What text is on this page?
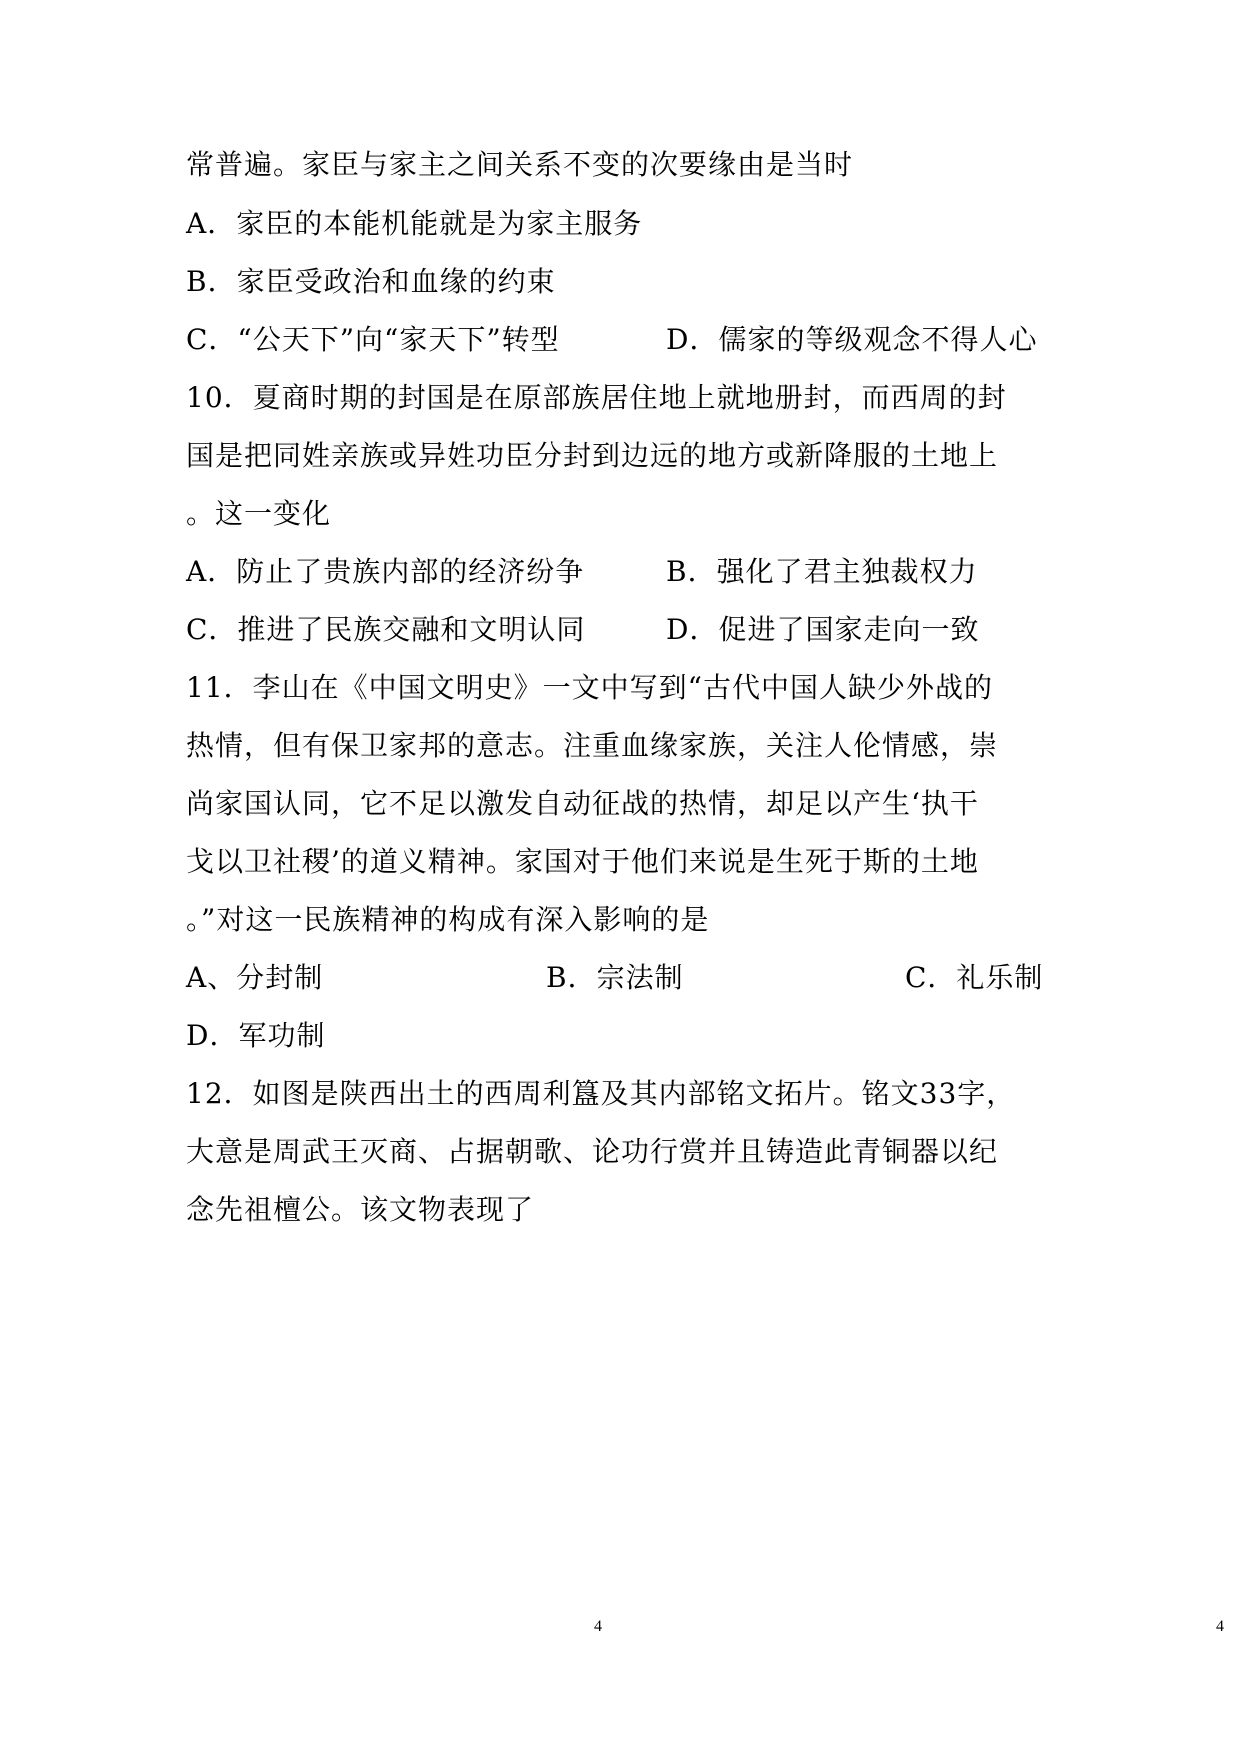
常普遍。家臣与家主之间关系不变的次要缘由是当时
A．家臣的本能机能就是为家主服务
B．家臣受政治和血缘的约束
C．“公天下”向“家天下”转型	D．儒家的等级观念不得人心
10．夏商时期的封国是在原部族居住地上就地册封，而西周的封
国是把同姓亲族或异姓功臣分封到边远的地方或新降服的土地上
。这一变化
A．防止了贵族内部的经济纷争	B．强化了君主独裁权力
C．推进了民族交融和文明认同	D．促进了国家走向一致
11．李山在《中国文明史》一文中写到“古代中国人缺少外战的
热情，但有保卫家邦的意志。注重血缘家族，关注人伦情感，崇
尚家国认同，它不足以激发自动征战的热情，却足以产生‘执干
戈以卫社稷’的道义精神。家国对于他们来说是生死于斯的土地
。”对这一民族精神的构成有深入影响的是
A、分封制	B．宗法制	C．礼乐制
D．军功制
12．如图是陕西出土的西周利簋及其内部铭文拓片。铭文33字，
大意是周武王灭商、占据朝歌、论功行赏并且铸造此青铜器以纪
念先祖檀公。该文物表现了
4	4
